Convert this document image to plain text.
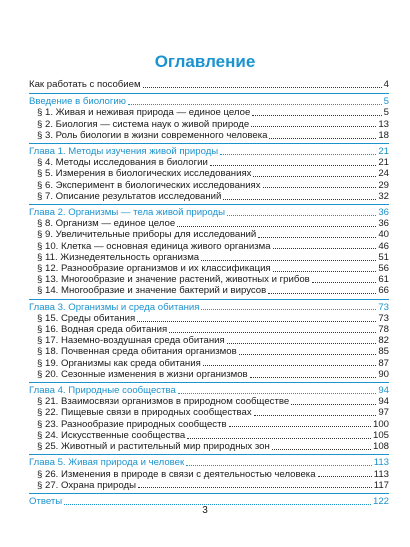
Оглавление
Как работать с пособием	4
Введение в биологию	5
§ 1. Живая и неживая природа — единое целое	5
§ 2. Биология — система наук о живой природе	13
§ 3. Роль биологии в жизни современного человека	18
Глава 1. Методы изучения живой природы	21
§ 4. Методы исследования в биологии	21
§ 5. Измерения в биологических исследованиях	24
§ 6. Эксперимент в биологических исследованиях	29
§ 7. Описание результатов исследований	32
Глава 2. Организмы — тела живой природы	36
§ 8. Организм — единое целое	36
§ 9. Увеличительные приборы для исследований	40
§ 10. Клетка — основная единица живого организма	46
§ 11. Жизнедеятельность организма	51
§ 12. Разнообразие организмов и их классификация	56
§ 13. Многообразие и значение растений, животных и грибов	61
§ 14. Многообразие и значение бактерий и вирусов	66
Глава 3. Организмы и среда обитания	73
§ 15. Среды обитания	73
§ 16. Водная среда обитания	78
§ 17. Наземно-воздушная среда обитания	82
§ 18. Почвенная среда обитания организмов	85
§ 19. Организмы как среда обитания	87
§ 20. Сезонные изменения в жизни организмов	90
Глава 4. Природные сообщества	94
§ 21. Взаимосвязи организмов в природном сообществе	94
§ 22. Пищевые связи в природных сообществах	97
§ 23. Разнообразие природных сообществ	100
§ 24. Искусственные сообщества	105
§ 25. Животный и растительный мир природных зон	108
Глава 5. Живая природа и человек	113
§ 26. Изменения в природе в связи с деятельностью человека	113
§ 27. Охрана природы	117
Ответы	122
3
